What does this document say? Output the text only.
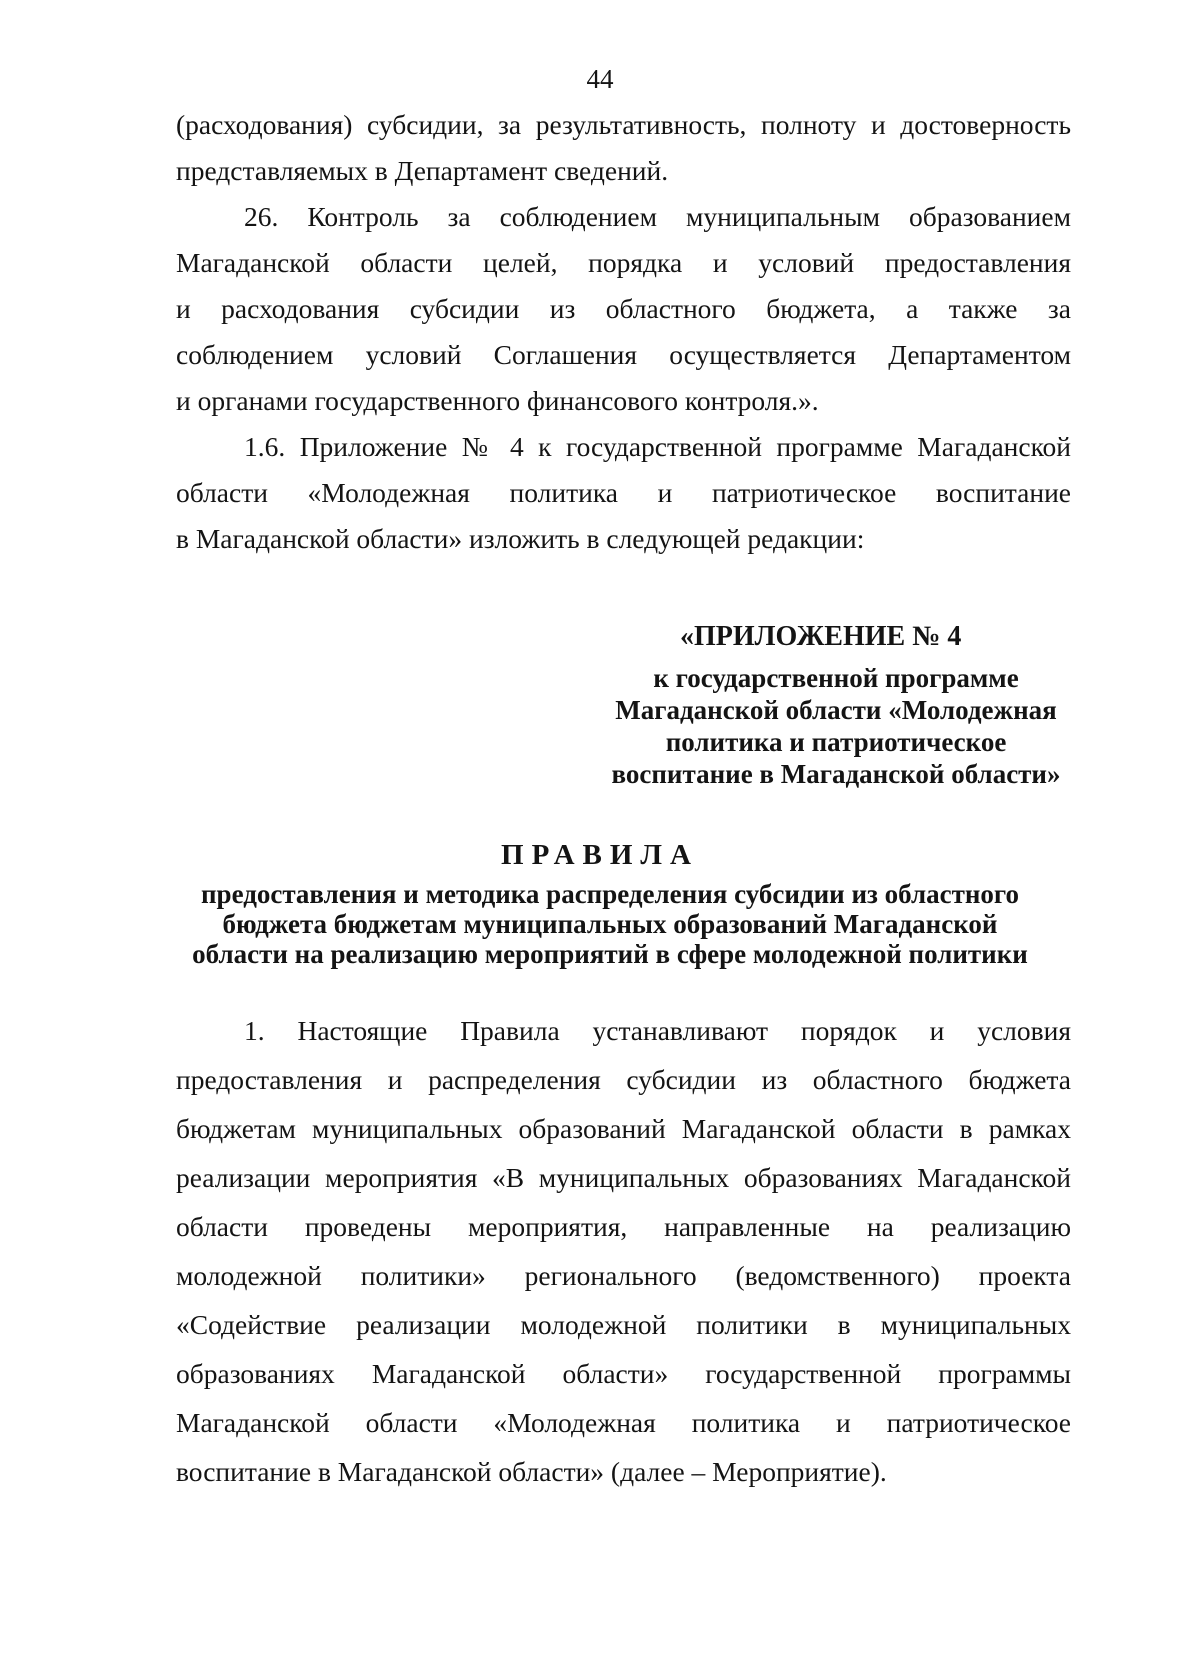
44

(расходования) субсидии, за результативность, полноту и достоверность

представляемых в Департамент сведений.

26. Контроль за соблюдением муниципальным образованием

Магаданской области целей, порядка и условий предоставления

и расходования субсидии из областного бюджета, а также за

соблюдением условий Соглашения осуществляется Департаментом

и органами государственного финансового контроля.».

1.6. Приложение № 4 к государственной программе Магаданской

области «Молодежная политика и патриотическое воспитание

в Магаданской области» изложить в следующей редакции:

«ПРИЛОЖЕНИЕ № 4

к государственной программе

Магаданской области «Молодежная

политика и патриотическое

воспитание в Магаданской области»

ПРАВИЛА

предоставления и методика распределения субсидии из областного

бюджета бюджетам муниципальных образований Магаданской

области на реализацию мероприятий в сфере молодежной политики

1. Настоящие Правила устанавливают порядок и условия

предоставления и распределения субсидии из областного бюджета

бюджетам муниципальных образований Магаданской области в рамках

реализации мероприятия «В муниципальных образованиях Магаданской

области проведены мероприятия, направленные на реализацию

молодежной политики» регионального (ведомственного) проекта

«Содействие реализации молодежной политики в муниципальных

образованиях Магаданской области» государственной программы

Магаданской области «Молодежная политика и патриотическое

воспитание в Магаданской области» (далее – Мероприятие).
